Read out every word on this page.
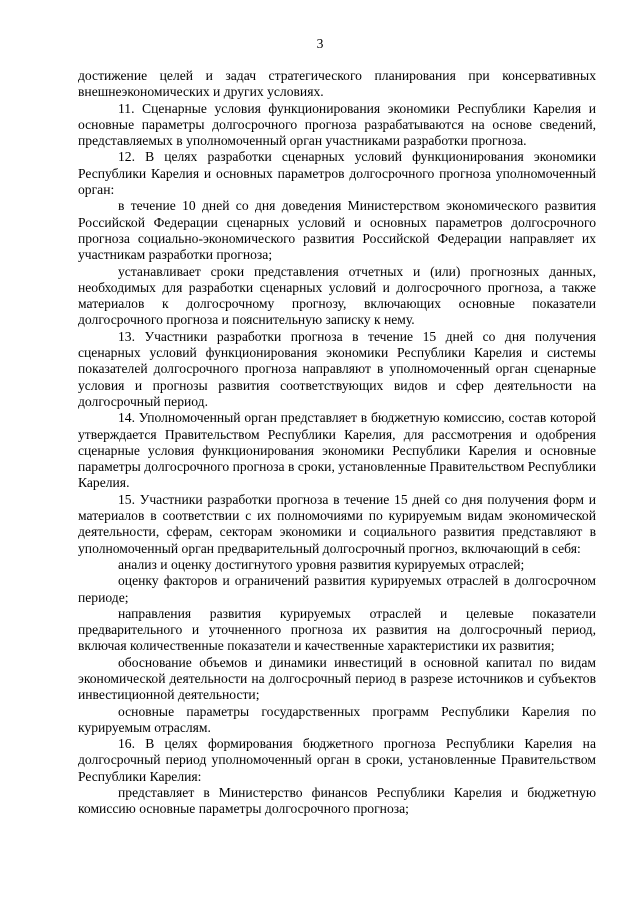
3

достижение целей и задач стратегического планирования при консервативных внешнеэкономических и других условиях.

11. Сценарные условия функционирования экономики Республики Карелия и основные параметры долгосрочного прогноза разрабатываются на основе сведений, представляемых в уполномоченный орган участниками разработки прогноза.

12. В целях разработки сценарных условий функционирования экономики Республики Карелия и основных параметров долгосрочного прогноза уполномоченный орган:

в течение 10 дней со дня доведения Министерством экономического развития Российской Федерации сценарных условий и основных параметров долгосрочного прогноза социально-экономического развития Российской Федерации направляет их участникам разработки прогноза;

устанавливает сроки представления отчетных и (или) прогнозных данных, необходимых для разработки сценарных условий и долгосрочного прогноза, а также материалов к долгосрочному прогнозу, включающих основные показатели долгосрочного прогноза и пояснительную записку к нему.

13. Участники разработки прогноза в течение 15 дней со дня получения сценарных условий функционирования экономики Республики Карелия и системы показателей долгосрочного прогноза направляют в уполномоченный орган сценарные условия и прогнозы развития соответствующих видов и сфер деятельности на долгосрочный период.

14. Уполномоченный орган представляет в бюджетную комиссию, состав которой утверждается Правительством Республики Карелия, для рассмотрения и одобрения сценарные условия функционирования экономики Республики Карелия и основные параметры долгосрочного прогноза в сроки, установленные Правительством Республики Карелия.

15. Участники разработки прогноза в течение 15 дней со дня получения форм и материалов в соответствии с их полномочиями по курируемым видам экономической деятельности, сферам, секторам экономики и социального развития представляют в уполномоченный орган предварительный долгосрочный прогноз, включающий в себя:

анализ и оценку достигнутого уровня развития курируемых отраслей;

оценку факторов и ограничений развития курируемых отраслей в долгосрочном периоде;

направления развития курируемых отраслей и целевые показатели предварительного и уточненного прогноза их развития на долгосрочный период, включая количественные показатели и качественные характеристики их развития;

обоснование объемов и динамики инвестиций в основной капитал по видам экономической деятельности на долгосрочный период в разрезе источников и субъектов инвестиционной деятельности;

основные параметры государственных программ Республики Карелия по курируемым отраслям.

16. В целях формирования бюджетного прогноза Республики Карелия на долгосрочный период уполномоченный орган в сроки, установленные Правительством Республики Карелия:

представляет в Министерство финансов Республики Карелия и бюджетную комиссию основные параметры долгосрочного прогноза;
